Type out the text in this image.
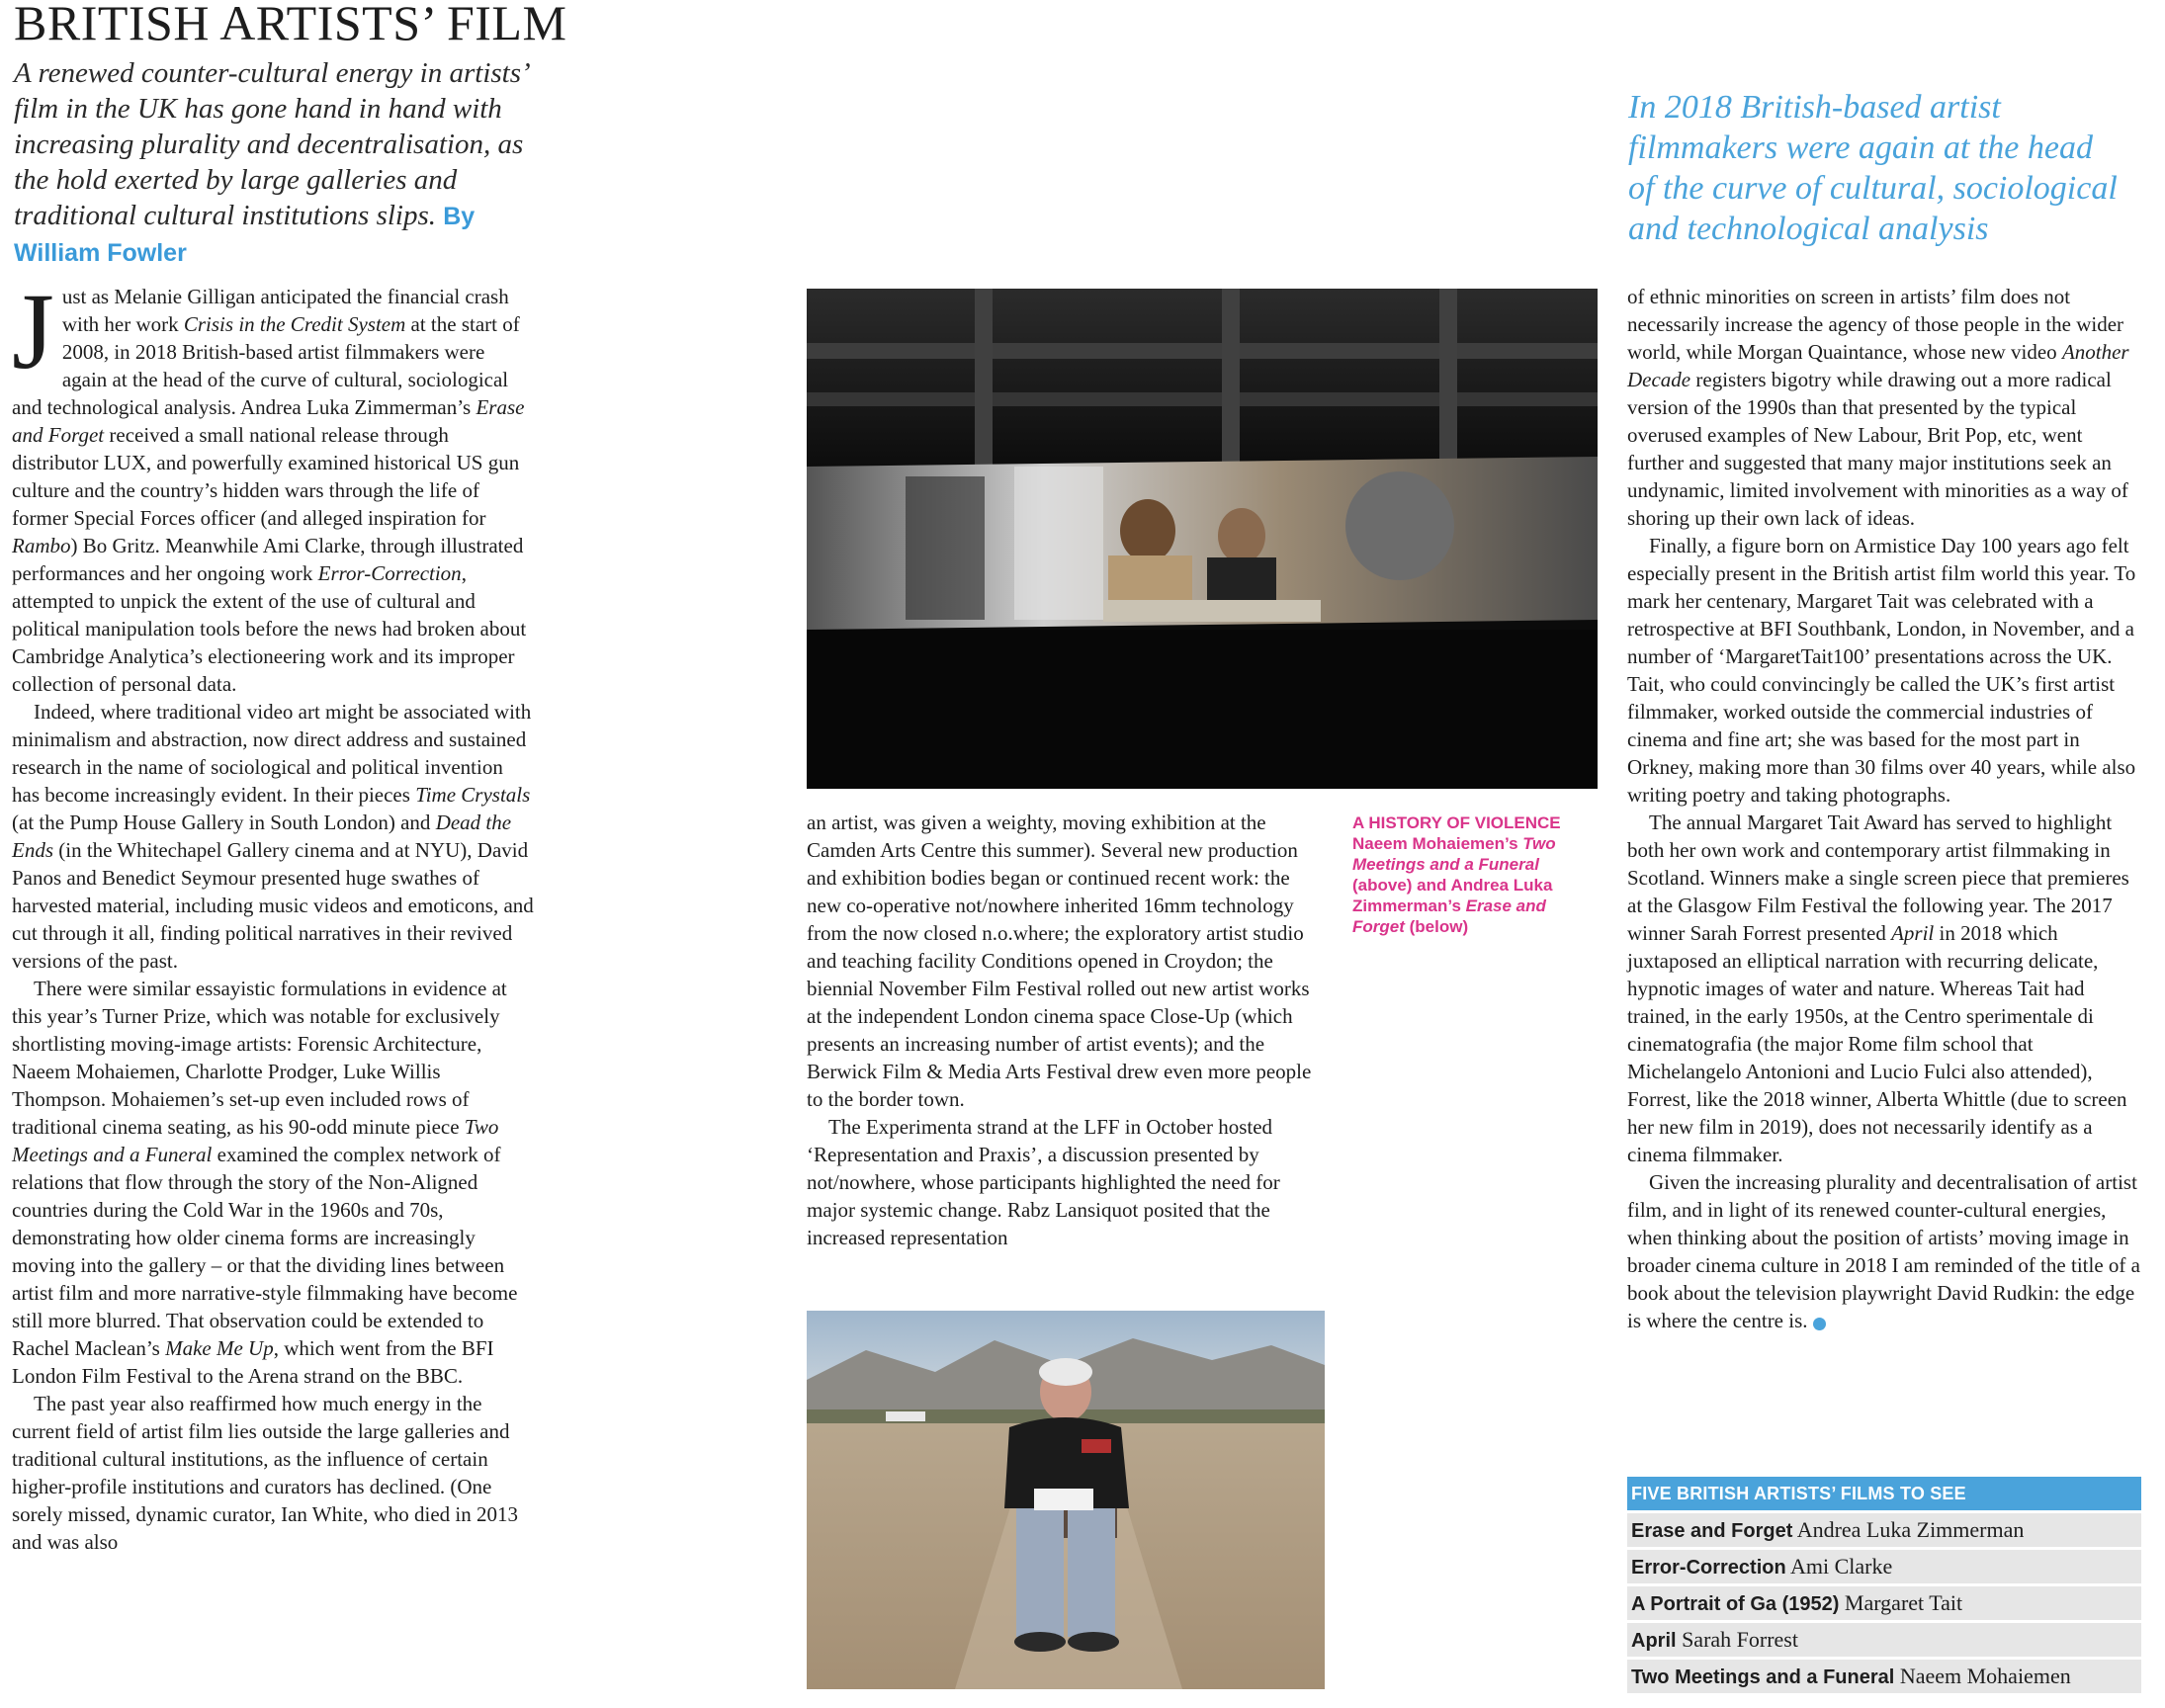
BRITISH ARTISTS’ FILM
A renewed counter-cultural energy in artists’ film in the UK has gone hand in hand with increasing plurality and decentralisation, as the hold exerted by large galleries and traditional cultural institutions slips. By William Fowler
In 2018 British-based artist filmmakers were again at the head of the curve of cultural, sociological and technological analysis

Just as Melanie Gilligan anticipated the financial crash with her work Crisis in the Credit System at the start of 2008, in 2018 British-based artist filmmakers were again at the head of the curve of cultural, sociological and technological analysis. Andrea Luka Zimmerman’s Erase and Forget received a small national release through distributor LUX, and powerfully examined historical US gun culture and the country’s hidden wars through the life of former Special Forces officer (and alleged inspiration for Rambo) Bo Gritz. Meanwhile Ami Clarke, through illustrated performances and her ongoing work Error-Correction, attempted to unpick the extent of the use of cultural and political manipulation tools before the news had broken about Cambridge Analytica’s electioneering work and its improper collection of personal data.

Indeed, where traditional video art might be associated with minimalism and abstraction, now direct address and sustained research in the name of sociological and political invention has become increasingly evident. In their pieces Time Crystals (at the Pump House Gallery in South London) and Dead the Ends (in the Whitechapel Gallery cinema and at NYU), David Panos and Benedict Seymour presented huge swathes of harvested material, including music videos and emoticons, and cut through it all, finding political narratives in their revived versions of the past.

There were similar essayistic formulations in evidence at this year’s Turner Prize, which was notable for exclusively shortlisting moving-image artists: Forensic Architecture, Naeem Mohaiemen, Charlotte Prodger, Luke Willis Thompson. Mohaiemen’s set-up even included rows of traditional cinema seating, as his 90-odd minute piece Two Meetings and a Funeral examined the complex network of relations that flow through the story of the Non-Aligned countries during the Cold War in the 1960s and 70s, demonstrating how older cinema forms are increasingly moving into the gallery – or that the dividing lines between artist film and more narrative-style filmmaking have become still more blurred. That observation could be extended to Rachel Maclean’s Make Me Up, which went from the BFI London Film Festival to the Arena strand on the BBC.

The past year also reaffirmed how much energy in the current field of artist film lies outside the large galleries and traditional cultural institutions, as the influence of certain higher-profile institutions and curators has declined. (One sorely missed, dynamic curator, Ian White, who died in 2013 and was also

an artist, was given a weighty, moving exhibition at the Camden Arts Centre this summer). Several new production and exhibition bodies began or continued recent work: the new co-operative not/nowhere inherited 16mm technology from the now closed n.o.where; the exploratory artist studio and teaching facility Conditions opened in Croydon; the biennial November Film Festival rolled out new artist works at the independent London cinema space Close-Up (which presents an increasing number of artist events); and the Berwick Film & Media Arts Festival drew even more people to the border town.

The Experimenta strand at the LFF in October hosted ‘Representation and Praxis’, a discussion presented by not/nowhere, whose participants highlighted the need for major systemic change. Rabz Lansiquot posited that the increased representation

A HISTORY OF VIOLENCE
Naeem Mohaiemen’s Two Meetings and a Funeral (above) and Andrea Luka Zimmerman’s Erase and Forget (below)

of ethnic minorities on screen in artists’ film does not necessarily increase the agency of those people in the wider world, while Morgan Quaintance, whose new video Another Decade registers bigotry while drawing out a more radical version of the 1990s than that presented by the typical overused examples of New Labour, Brit Pop, etc, went further and suggested that many major institutions seek an undynamic, limited involvement with minorities as a way of shoring up their own lack of ideas.

Finally, a figure born on Armistice Day 100 years ago felt especially present in the British artist film world this year. To mark her centenary, Margaret Tait was celebrated with a retrospective at BFI Southbank, London, in November, and a number of ‘MargaretTait100’ presentations across the UK. Tait, who could convincingly be called the UK’s first artist filmmaker, worked outside the commercial industries of cinema and fine art; she was based for the most part in Orkney, making more than 30 films over 40 years, while also writing poetry and taking photographs.

The annual Margaret Tait Award has served to highlight both her own work and contemporary artist filmmaking in Scotland. Winners make a single screen piece that premieres at the Glasgow Film Festival the following year. The 2017 winner Sarah Forrest presented April in 2018 which juxtaposed an elliptical narration with recurring delicate, hypnotic images of water and nature. Whereas Tait had trained, in the early 1950s, at the Centro sperimentale di cinematografia (the major Rome film school that Michelangelo Antonioni and Lucio Fulci also attended), Forrest, like the 2018 winner, Alberta Whittle (due to screen her new film in 2019), does not necessarily identify as a cinema filmmaker.

Given the increasing plurality and decentralisation of artist film, and in light of its renewed counter-cultural energies, when thinking about the position of artists’ moving image in broader cinema culture in 2018 I am reminded of the title of a book about the television playwright David Rudkin: the edge is where the centre is.	S

FIVE BRITISH ARTISTS’ FILMS TO SEE
Erase and Forget Andrea Luka Zimmerman
Error-Correction Ami Clarke
A Portrait of Ga (1952) Margaret Tait
April Sarah Forrest
Two Meetings and a Funeral Naeem Mohaiemen
